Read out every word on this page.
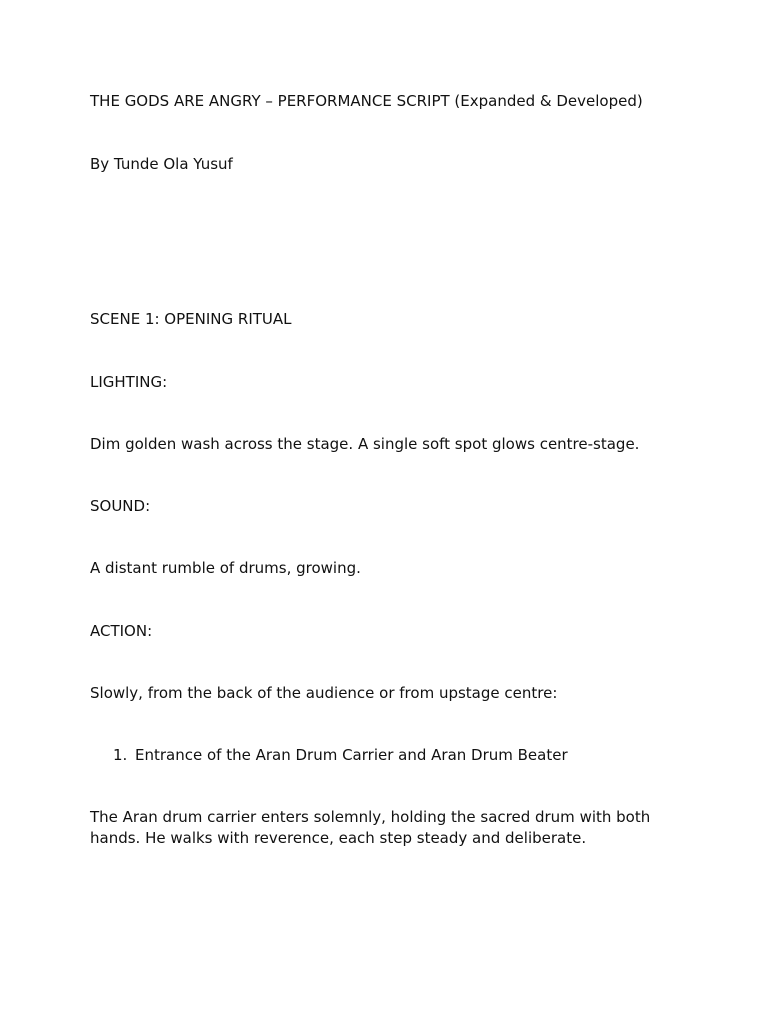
THE GODS ARE ANGRY – PERFORMANCE SCRIPT (Expanded & Developed)

By Tunde Ola Yusuf

SCENE 1: OPENING RITUAL

LIGHTING:

Dim golden wash across the stage. A single soft spot glows centre-stage.

SOUND:

A distant rumble of drums, growing.

ACTION:

Slowly, from the back of the audience or from upstage centre:

1. Entrance of the Aran Drum Carrier and Aran Drum Beater

The Aran drum carrier enters solemnly, holding the sacred drum with both hands. He walks with reverence, each step steady and deliberate.
